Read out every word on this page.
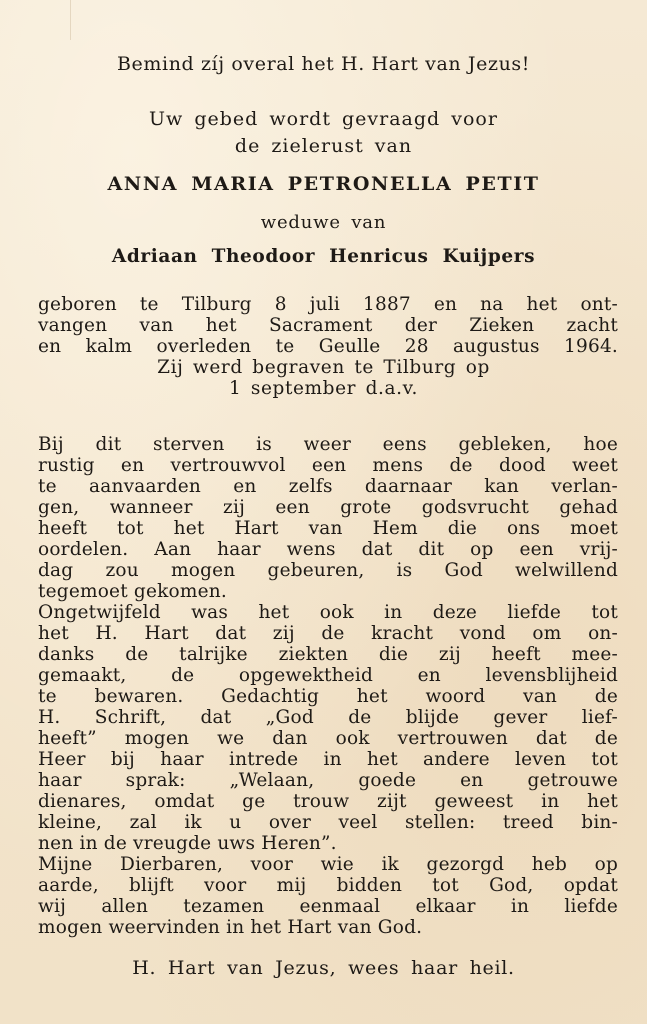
Bemind zíj overal het H. Hart van Jezus!
Uw gebed wordt gevraagd voor
de zielerust van
ANNA MARIA PETRONELLA PETIT
weduwe van
Adriaan Theodoor Henricus Kuijpers
geboren te Tilburg 8 juli 1887 en na het ont-
vangen van het Sacrament der Zieken zacht
en kalm overleden te Geulle 28 augustus 1964.
Zij werd begraven te Tilburg op
1 september d.a.v.
Bij dit sterven is weer eens gebleken, hoe
rustig en vertrouwvol een mens de dood weet
te aanvaarden en zelfs daarnaar kan verlan-
gen, wanneer zij een grote godsvrucht gehad
heeft tot het Hart van Hem die ons moet
oordelen. Aan haar wens dat dit op een vrij-
dag zou mogen gebeuren, is God welwillend
tegemoet gekomen.
Ongetwijfeld was het ook in deze liefde tot
het H. Hart dat zij de kracht vond om on-
danks de talrijke ziekten die zij heeft mee-
gemaakt, de opgewektheid en levensblijheid
te bewaren. Gedachtig het woord van de
H. Schrift, dat „God de blijde gever lief-
heeft” mogen we dan ook vertrouwen dat de
Heer bij haar intrede in het andere leven tot
haar sprak: „Welaan, goede en getrouwe
dienares, omdat ge trouw zijt geweest in het
kleine, zal ik u over veel stellen: treed bin-
nen in de vreugde uws Heren”.
Mijne Dierbaren, voor wie ik gezorgd heb op
aarde, blijft voor mij bidden tot God, opdat
wij allen tezamen eenmaal elkaar in liefde
mogen weervinden in het Hart van God.
H. Hart van Jezus, wees haar heil.
